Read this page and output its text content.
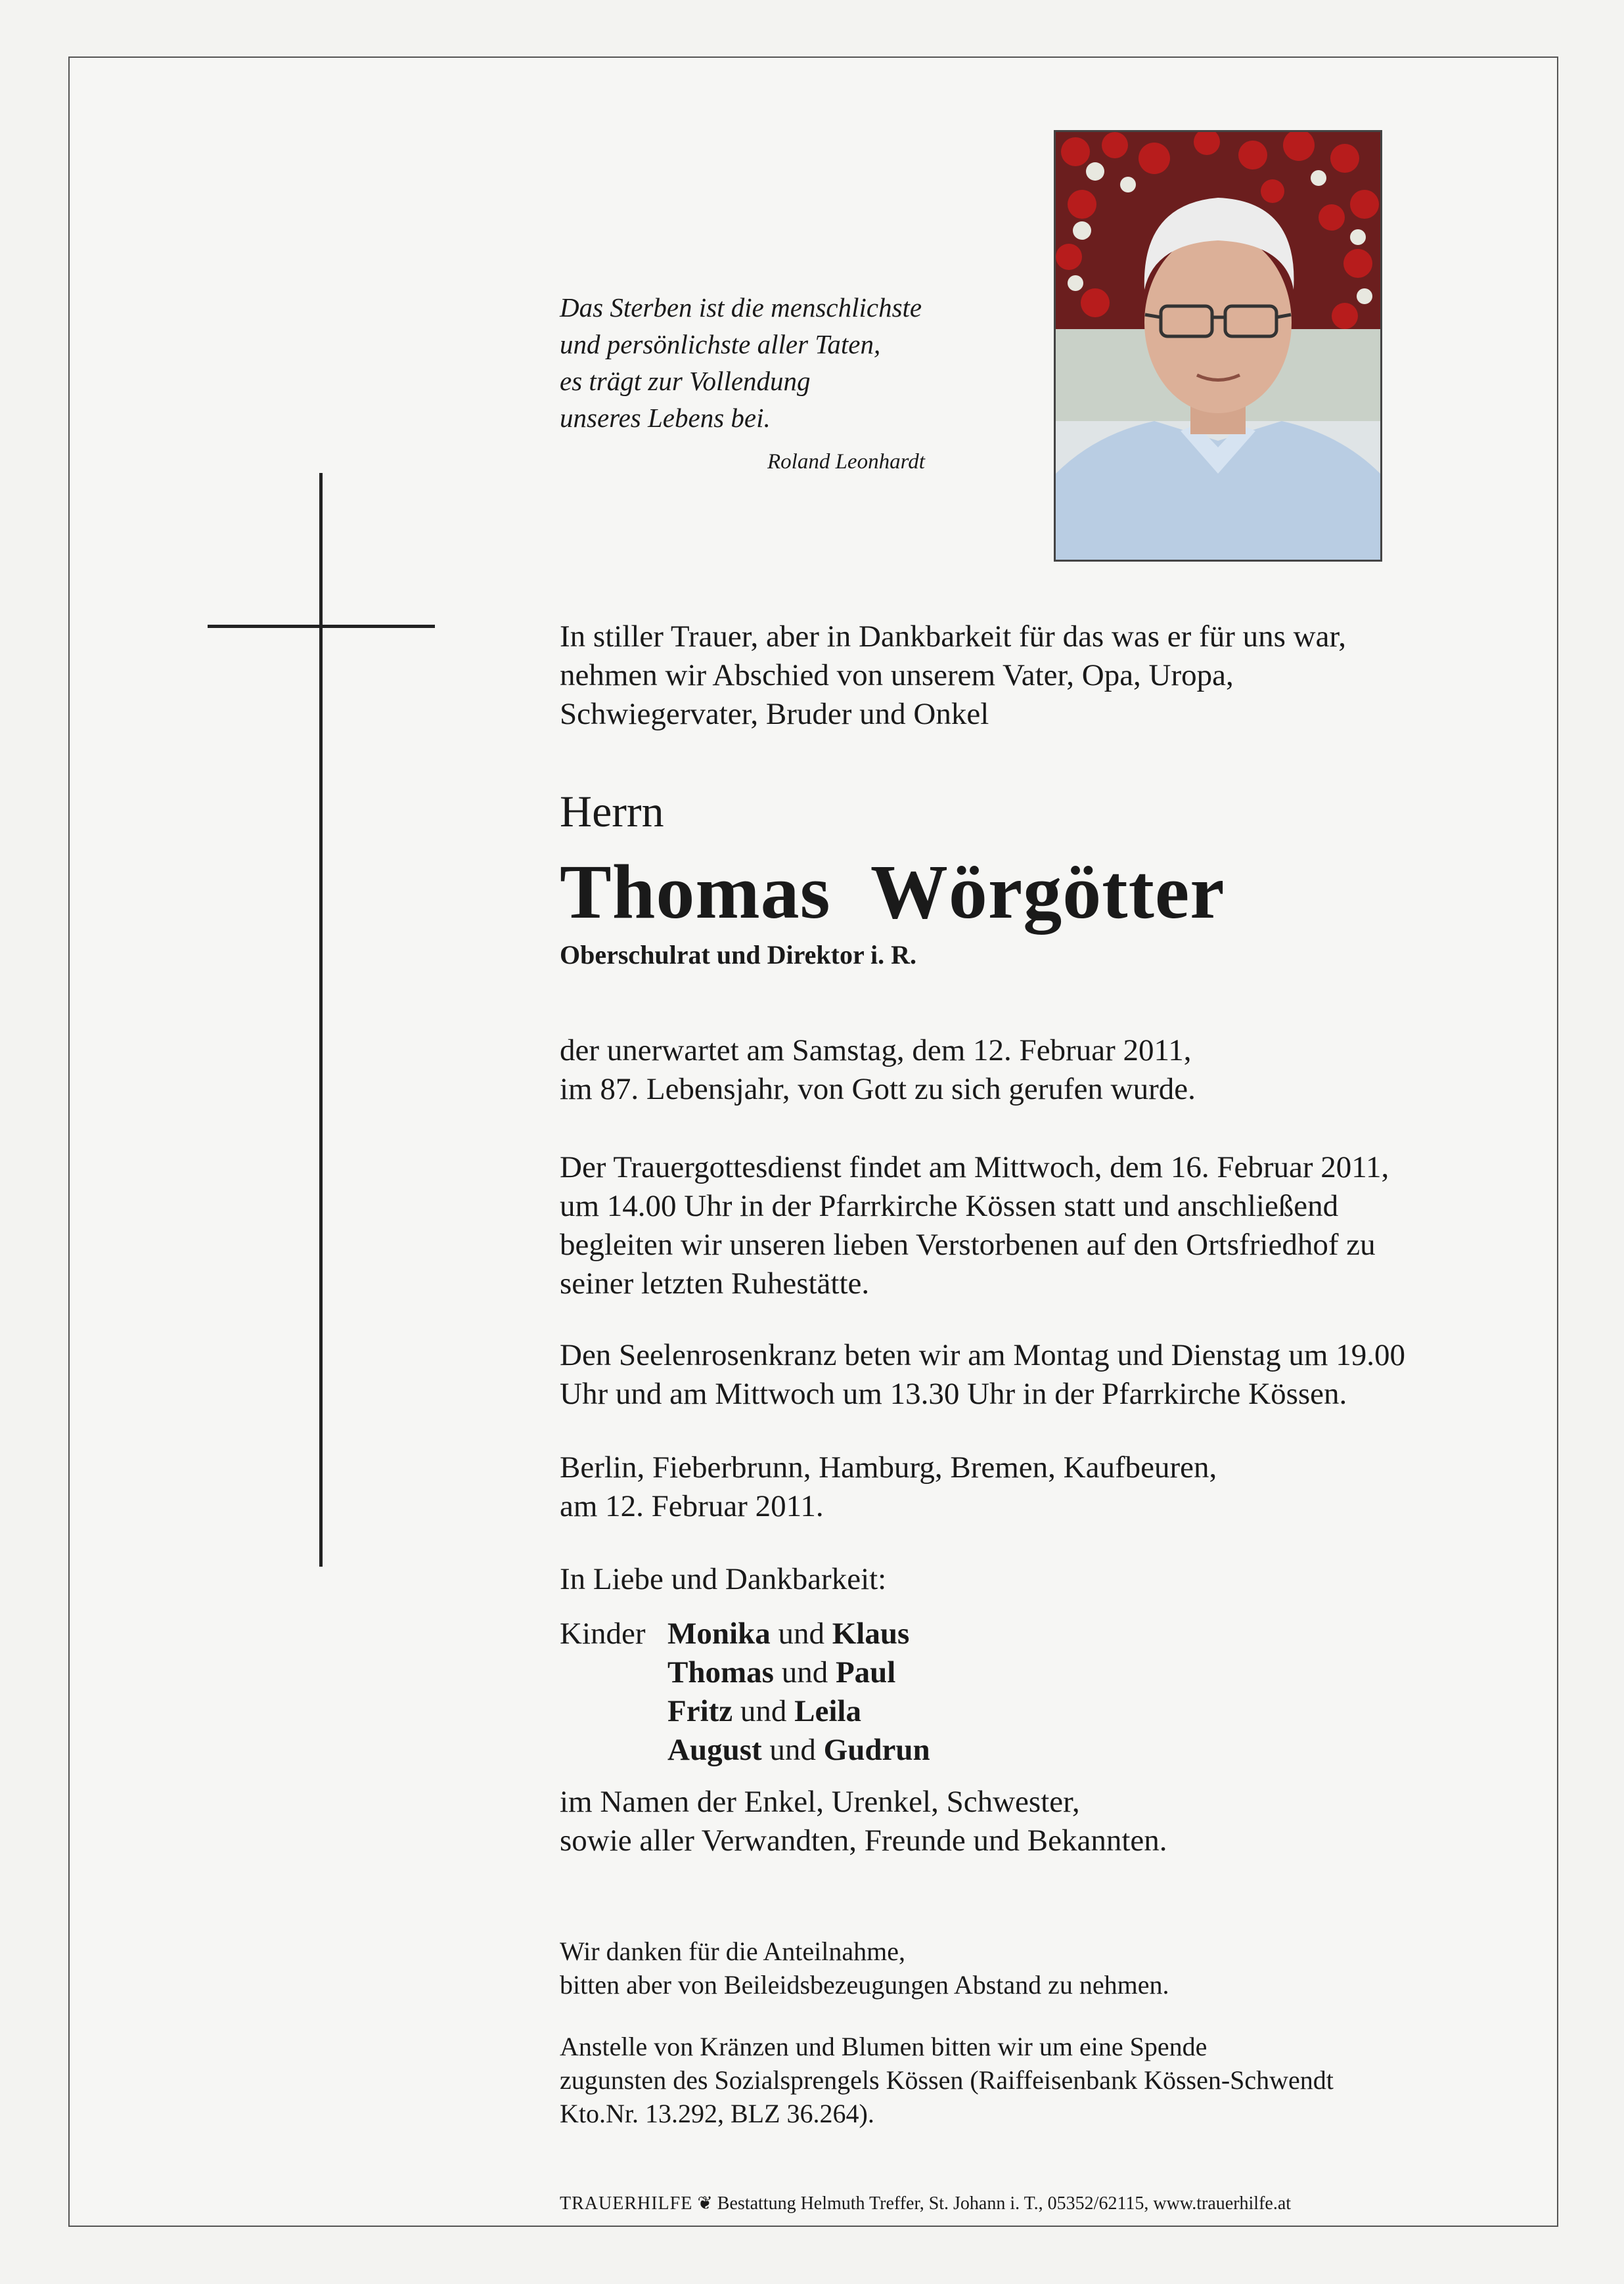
Das Sterben ist die menschlichste
und persönlichste aller Taten,
es trägt zur Vollendung
unseres Lebens bei.
Roland Leonhardt
In stiller Trauer, aber in Dankbarkeit für das was er für uns war,
nehmen wir Abschied von unserem Vater, Opa, Uropa,
Schwiegervater, Bruder und Onkel
Herrn
Thomas Wörgötter
Oberschulrat und Direktor i. R.
der unerwartet am Samstag, dem 12. Februar 2011,
im 87. Lebensjahr, von Gott zu sich gerufen wurde.
Der Trauergottesdienst findet am Mittwoch, dem 16. Februar 2011,
um 14.00 Uhr in der Pfarrkirche Kössen statt und anschließend
begleiten wir unseren lieben Verstorbenen auf den Ortsfriedhof zu
seiner letzten Ruhestätte.
Den Seelenrosenkranz beten wir am Montag und Dienstag um 19.00
Uhr und am Mittwoch um 13.30 Uhr in der Pfarrkirche Kössen.
Berlin, Fieberbrunn, Hamburg, Bremen, Kaufbeuren,
am 12. Februar 2011.
In Liebe und Dankbarkeit:
Kinder Monika und Klaus
Thomas und Paul
Fritz und Leila
August und Gudrun
im Namen der Enkel, Urenkel, Schwester,
sowie aller Verwandten, Freunde und Bekannten.
Wir danken für die Anteilnahme,
bitten aber von Beileidsbezeugungen Abstand zu nehmen.
Anstelle von Kränzen und Blumen bitten wir um eine Spende
zugunsten des Sozialsprengels Kössen (Raiffeisenbank Kössen-Schwendt
Kto.Nr. 13.292, BLZ 36.264).
TRAUERHILFE ❦ Bestattung Helmuth Treffer, St. Johann i. T., 05352/62115, www.trauerhilfe.at
